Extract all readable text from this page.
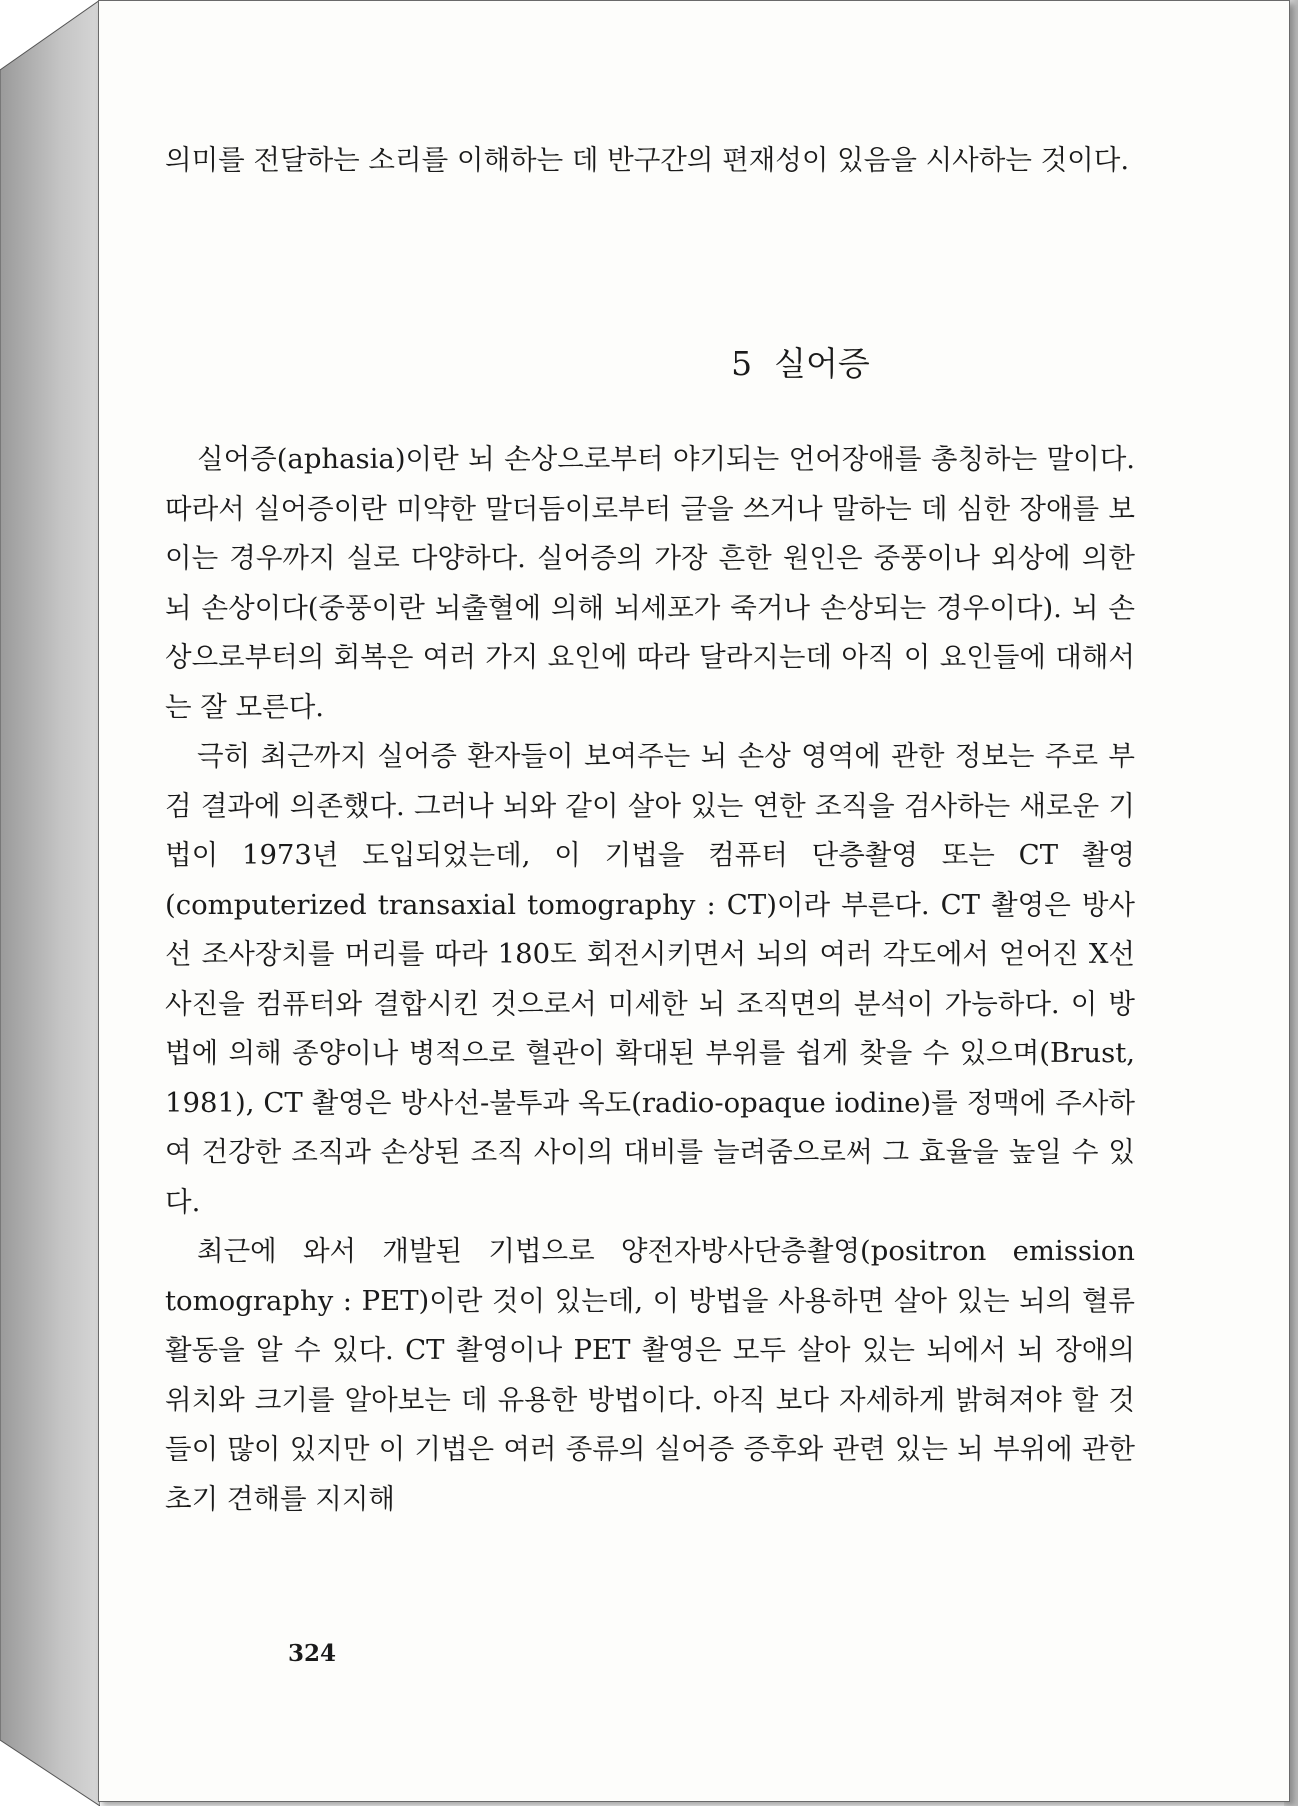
의미를 전달하는 소리를 이해하는 데 반구간의 편재성이 있음을 시사하는 것이다.

5 실어증

실어증(aphasia)이란 뇌 손상으로부터 야기되는 언어장애를 총칭하는 말이다. 따라서 실어증이란 미약한 말더듬이로부터 글을 쓰거나 말하는 데 심한 장애를 보이는 경우까지 실로 다양하다. 실어증의 가장 흔한 원인은 중풍이나 외상에 의한 뇌 손상이다(중풍이란 뇌출혈에 의해 뇌세포가 죽거나 손상되는 경우이다). 뇌 손상으로부터의 회복은 여러 가지 요인에 따라 달라지는데 아직 이 요인들에 대해서는 잘 모른다.

극히 최근까지 실어증 환자들이 보여주는 뇌 손상 영역에 관한 정보는 주로 부검 결과에 의존했다. 그러나 뇌와 같이 살아 있는 연한 조직을 검사하는 새로운 기법이 1973년 도입되었는데, 이 기법을 컴퓨터 단층촬영 또는 CT 촬영(computerized transaxial tomography : CT)이라 부른다. CT 촬영은 방사선 조사장치를 머리를 따라 180도 회전시키면서 뇌의 여러 각도에서 얻어진 X선 사진을 컴퓨터와 결합시킨 것으로서 미세한 뇌 조직면의 분석이 가능하다. 이 방법에 의해 종양이나 병적으로 혈관이 확대된 부위를 쉽게 찾을 수 있으며(Brust, 1981), CT 촬영은 방사선-불투과 옥도(radio-opaque iodine)를 정맥에 주사하여 건강한 조직과 손상된 조직 사이의 대비를 늘려줌으로써 그 효율을 높일 수 있다.

최근에 와서 개발된 기법으로 양전자방사단층촬영(positron emission tomography : PET)이란 것이 있는데, 이 방법을 사용하면 살아 있는 뇌의 혈류 활동을 알 수 있다. CT 촬영이나 PET 촬영은 모두 살아 있는 뇌에서 뇌 장애의 위치와 크기를 알아보는 데 유용한 방법이다. 아직 보다 자세하게 밝혀져야 할 것들이 많이 있지만 이 기법은 여러 종류의 실어증 증후와 관련 있는 뇌 부위에 관한 초기 견해를 지지해

324
